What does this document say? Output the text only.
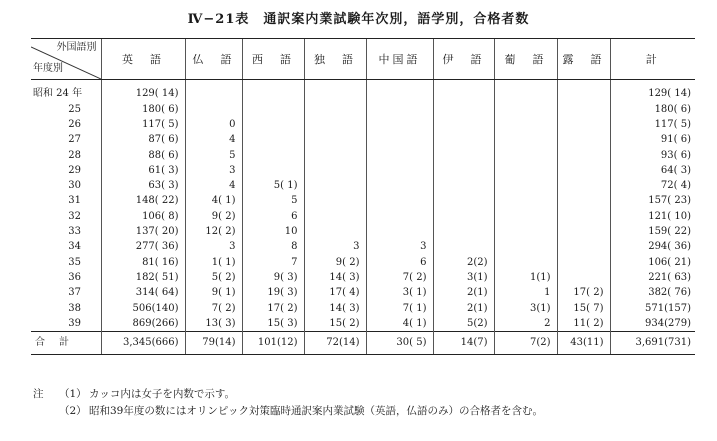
Ⅳ−21表　通訳案内業試験年次別，語学別，合格者数
外国語別
年度別	英　語	仏　語	西　語	独　語	中国語	伊　語	葡　語	露　語	計
昭和 24 年	129( 14)								129( 14)
25	180( 6)								180( 6)
26	117( 5)	0							117( 5)
27	87( 6)	4							91( 6)
28	88( 6)	5							93( 6)
29	61( 3)	3							64( 3)
30	63( 3)	4	5( 1)						72( 4)
31	148( 22)	4( 1)	5						157( 23)
32	106( 8)	9( 2)	6						121( 10)
33	137( 20)	12( 2)	10						159( 22)
34	277( 36)	3	8	3	3				294( 36)
35	81( 16)	1( 1)	7	9( 2)	6	2(2)			106( 21)
36	182( 51)	5( 2)	9( 3)	14( 3)	7( 2)	3(1)	1(1)		221( 63)
37	314( 64)	9( 1)	19( 3)	17( 4)	3( 1)	2(1)	1	17( 2)	382( 76)
38	506(140)	7( 2)	17( 2)	14( 3)	7( 1)	2(1)	3(1)	15( 7)	571(157)
39	869(266)	13( 3)	15( 3)	15( 2)	4( 1)	5(2)	2	11( 2)	934(279)
合計	3,345(666)	79(14)	101(12)	72(14)	30( 5)	14(7)	7(2)	43(11)	3,691(731)
注 （1） カッコ内は女子を内数で示す。
（2） 昭和39年度の数にはオリンピック対策臨時通訳案内業試験（英語，仏語のみ）の合格者を含む。
